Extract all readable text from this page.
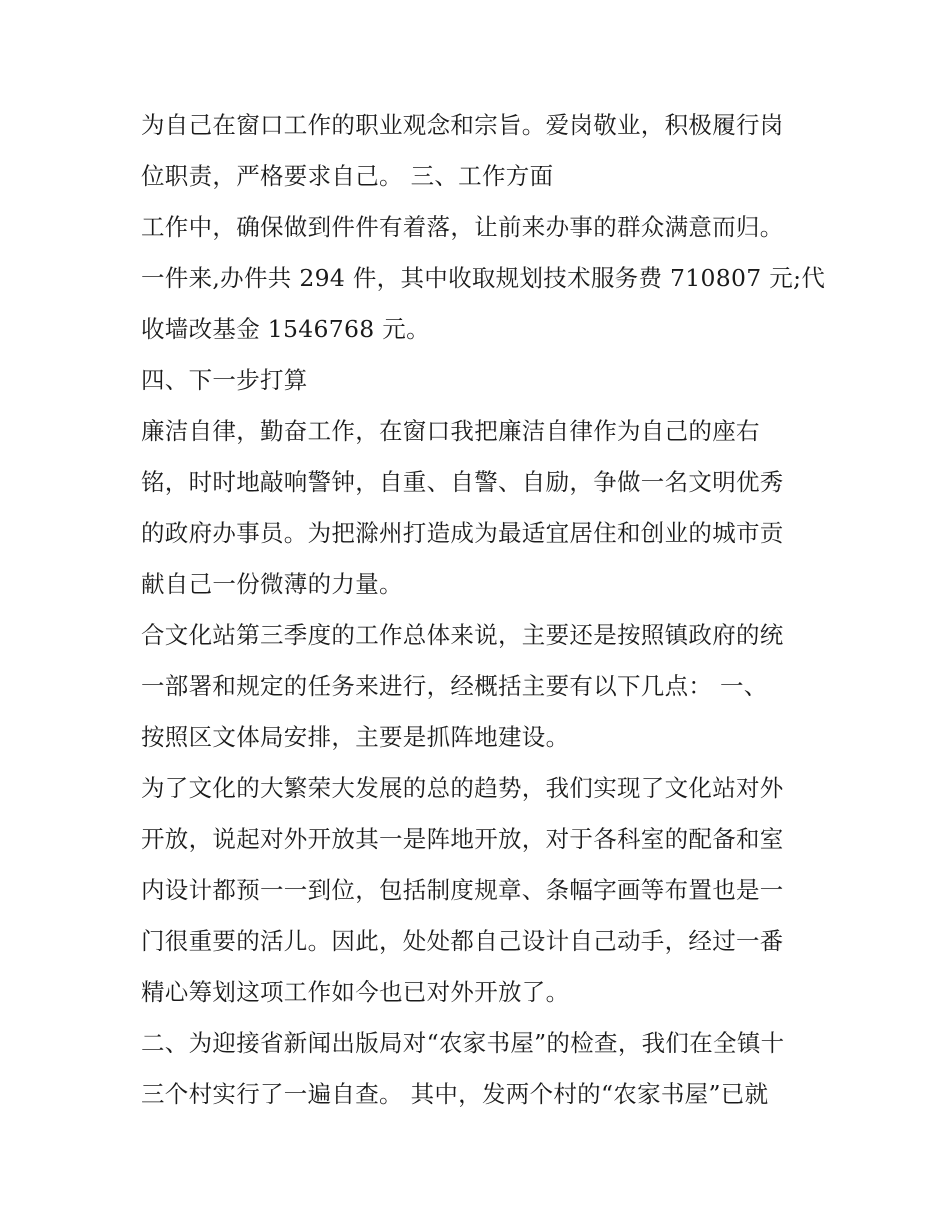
为自己在窗口工作的职业观念和宗旨。爱岗敬业，积极履行岗
位职责，严格要求自己。 三、工作方面
工作中，确保做到件件有着落，让前来办事的群众满意而归。
一件来,办件共 294 件，其中收取规划技术服务费 710807 元;代
收墙改基金 1546768 元。
四、下一步打算
廉洁自律，勤奋工作，在窗口我把廉洁自律作为自己的座右
铭，时时地敲响警钟，自重、自警、自励，争做一名文明优秀
的政府办事员。为把滁州打造成为最适宜居住和创业的城市贡
献自己一份微薄的力量。
合文化站第三季度的工作总体来说，主要还是按照镇政府的统
一部署和规定的任务来进行，经概括主要有以下几点： 一、
按照区文体局安排，主要是抓阵地建设。
为了文化的大繁荣大发展的总的趋势，我们实现了文化站对外
开放，说起对外开放其一是阵地开放，对于各科室的配备和室
内设计都预一一到位，包括制度规章、条幅字画等布置也是一
门很重要的活儿。因此，处处都自己设计自己动手，经过一番
精心筹划这项工作如今也已对外开放了。
二、为迎接省新闻出版局对“农家书屋”的检查，我们在全镇十
三个村实行了一遍自查。 其中，发两个村的“农家书屋”已就
